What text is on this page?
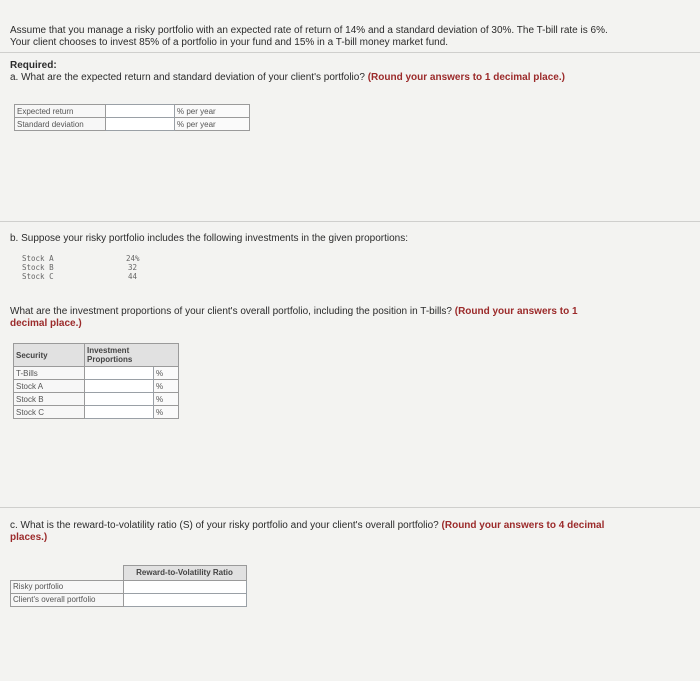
Assume that you manage a risky portfolio with an expected rate of return of 14% and a standard deviation of 30%. The T-bill rate is 6%.
Your client chooses to invest 85% of a portfolio in your fund and 15% in a T-bill money market fund.
Required:
a. What are the expected return and standard deviation of your client's portfolio? (Round your answers to 1 decimal place.)
Expected return		% per year
Standard deviation		% per year
b. Suppose your risky portfolio includes the following investments in the given proportions:
Stock A	24%
Stock B	32
Stock C	44
What are the investment proportions of your client's overall portfolio, including the position in T-bills? (Round your answers to 1
decimal place.)
Security	Investment
Proportions	
T-Bills		%
Stock A		%
Stock B		%
Stock C		%
c. What is the reward-to-volatility ratio (S) of your risky portfolio and your client's overall portfolio? (Round your answers to 4 decimal
places.)
	Reward-to-Volatility Ratio
Risky portfolio	
Client's overall portfolio	
